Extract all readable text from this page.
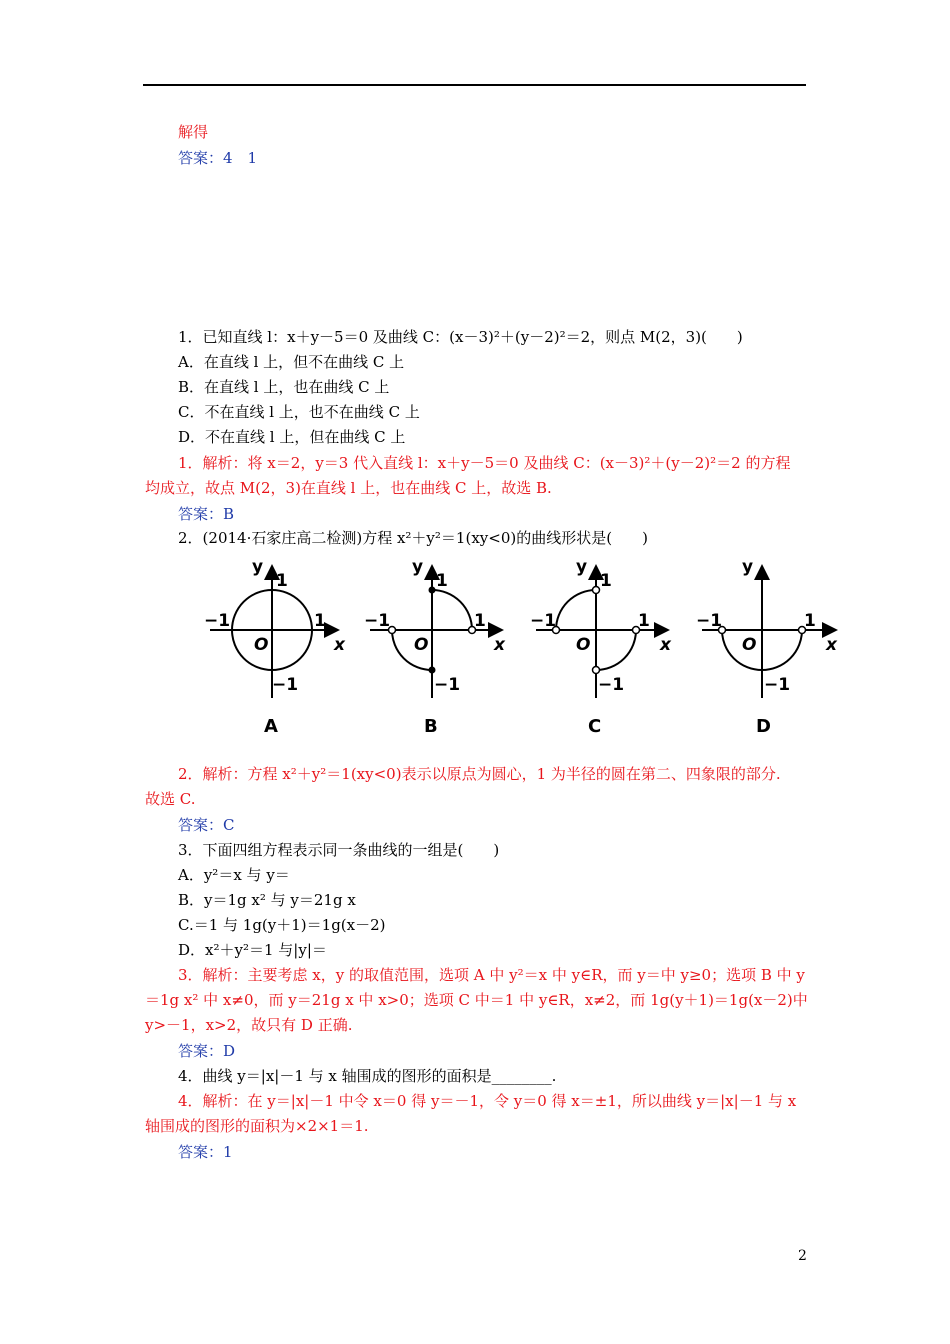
解得
答案：4　1
1．已知直线 l：x＋y－5＝0 及曲线 C：(x－3)²＋(y－2)²＝2，则点 M(2，3)(　　)
A．在直线 l 上，但不在曲线 C 上
B．在直线 l 上，也在曲线 C 上
C．不在直线 l 上，也不在曲线 C 上
D．不在直线 l 上，但在曲线 C 上
1．解析：将 x＝2，y＝3 代入直线 l：x＋y－5＝0 及曲线 C：(x－3)²＋(y－2)²＝2 的方程
均成立，故点 M(2，3)在直线 l 上，也在曲线 C 上，故选 B.
答案：B
2．(2014·石家庄高二检测)方程 x²＋y²＝1(xy<0)的曲线形状是(　　)
y
1
−1	1
O	x
−1
A
y
1
−1	1
O	x
−1
B
y
1
−1	1
O	x
−1
C
y
−1	1
O	x
−1
D
2．解析：方程 x²＋y²＝1(xy<0)表示以原点为圆心，1 为半径的圆在第二、四象限的部分.
故选 C.
答案：C
3．下面四组方程表示同一条曲线的一组是(　　)
A．y²＝x 与 y＝
B．y＝1g x² 与 y＝21g x
C.＝1 与 1g(y＋1)＝1g(x－2)
D．x²＋y²＝1 与|y|＝
3．解析：主要考虑 x，y 的取值范围，选项 A 中 y²＝x 中 y∈R，而 y＝中 y≥0；选项 B 中 y
＝1g x² 中 x≠0，而 y＝21g x 中 x>0；选项 C 中＝1 中 y∈R，x≠2，而 1g(y＋1)＝1g(x－2)中
y>－1，x>2，故只有 D 正确.
答案：D
4．曲线 y＝|x|－1 与 x 轴围成的图形的面积是________.
4．解析：在 y＝|x|－1 中令 x＝0 得 y＝－1，令 y＝0 得 x＝±1，所以曲线 y＝|x|－1 与 x
轴围成的图形的面积为×2×1＝1.
答案：1
2
